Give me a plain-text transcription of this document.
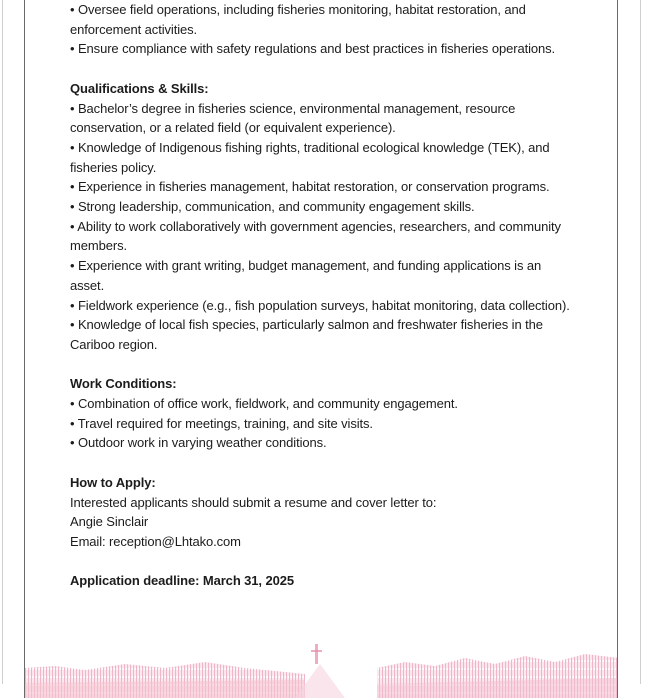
• Oversee field operations, including fisheries monitoring, habitat restoration, and enforcement activities.
• Ensure compliance with safety regulations and best practices in fisheries operations.
Qualifications & Skills:
• Bachelor’s degree in fisheries science, environmental management, resource conservation, or a related field (or equivalent experience).
• Knowledge of Indigenous fishing rights, traditional ecological knowledge (TEK), and fisheries policy.
• Experience in fisheries management, habitat restoration, or conservation programs.
• Strong leadership, communication, and community engagement skills.
• Ability to work collaboratively with government agencies, researchers, and community members.
• Experience with grant writing, budget management, and funding applications is an asset.
• Fieldwork experience (e.g., fish population surveys, habitat monitoring, data collection).
• Knowledge of local fish species, particularly salmon and freshwater fisheries in the Cariboo region.
Work Conditions:
• Combination of office work, fieldwork, and community engagement.
• Travel required for meetings, training, and site visits.
• Outdoor work in varying weather conditions.
How to Apply:
Interested applicants should submit a resume and cover letter to:
Angie Sinclair
Email: reception@Lhtako.com
Application deadline: March 31, 2025
